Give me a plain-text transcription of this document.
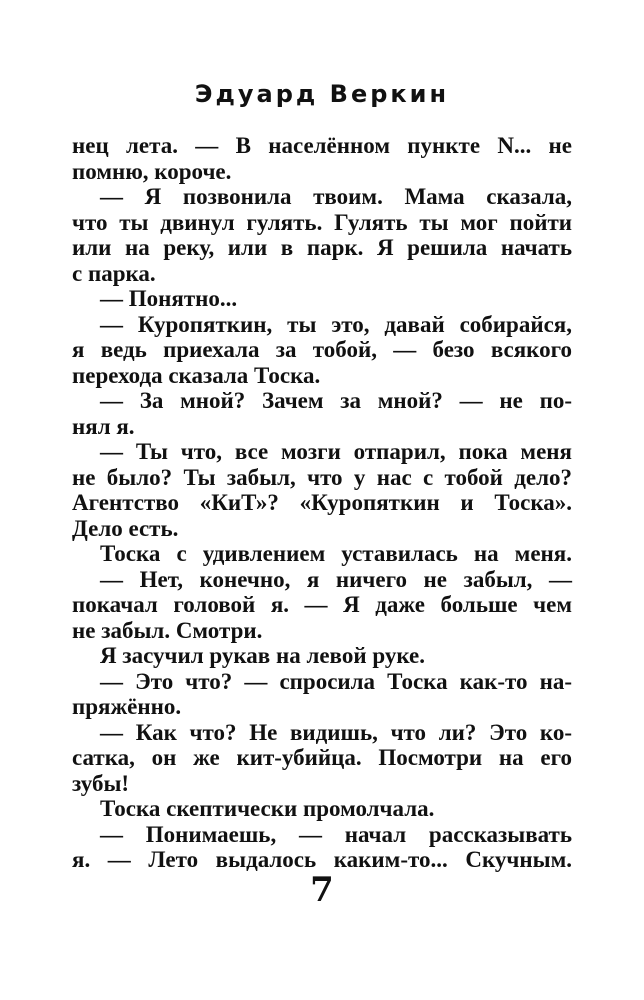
Эдуард Веркин
нец лета. — В населённом пункте N... не
помню, короче.
— Я позвонила твоим. Мама сказала,
что ты двинул гулять. Гулять ты мог пойти
или на реку, или в парк. Я решила начать
с парка.
— Понятно...
— Куропяткин, ты это, давай собирайся,
я ведь приехала за тобой, — безо всякого
перехода сказала Тоска.
— За мной? Зачем за мной? — не по-
нял я.
— Ты что, все мозги отпарил, пока меня
не было? Ты забыл, что у нас с тобой дело?
Агентство «КиТ»? «Куропяткин и Тоска».
Дело есть.
Тоска с удивлением уставилась на меня.
— Нет, конечно, я ничего не забыл, —
покачал головой я. — Я даже больше чем
не забыл. Смотри.
Я засучил рукав на левой руке.
— Это что? — спросила Тоска как-то на-
пряжённо.
— Как что? Не видишь, что ли? Это ко-
сатка, он же кит-убийца. Посмотри на его
зубы!
Тоска скептически промолчала.
— Понимаешь, — начал рассказывать
я. — Лето выдалось каким-то... Скучным.
7
